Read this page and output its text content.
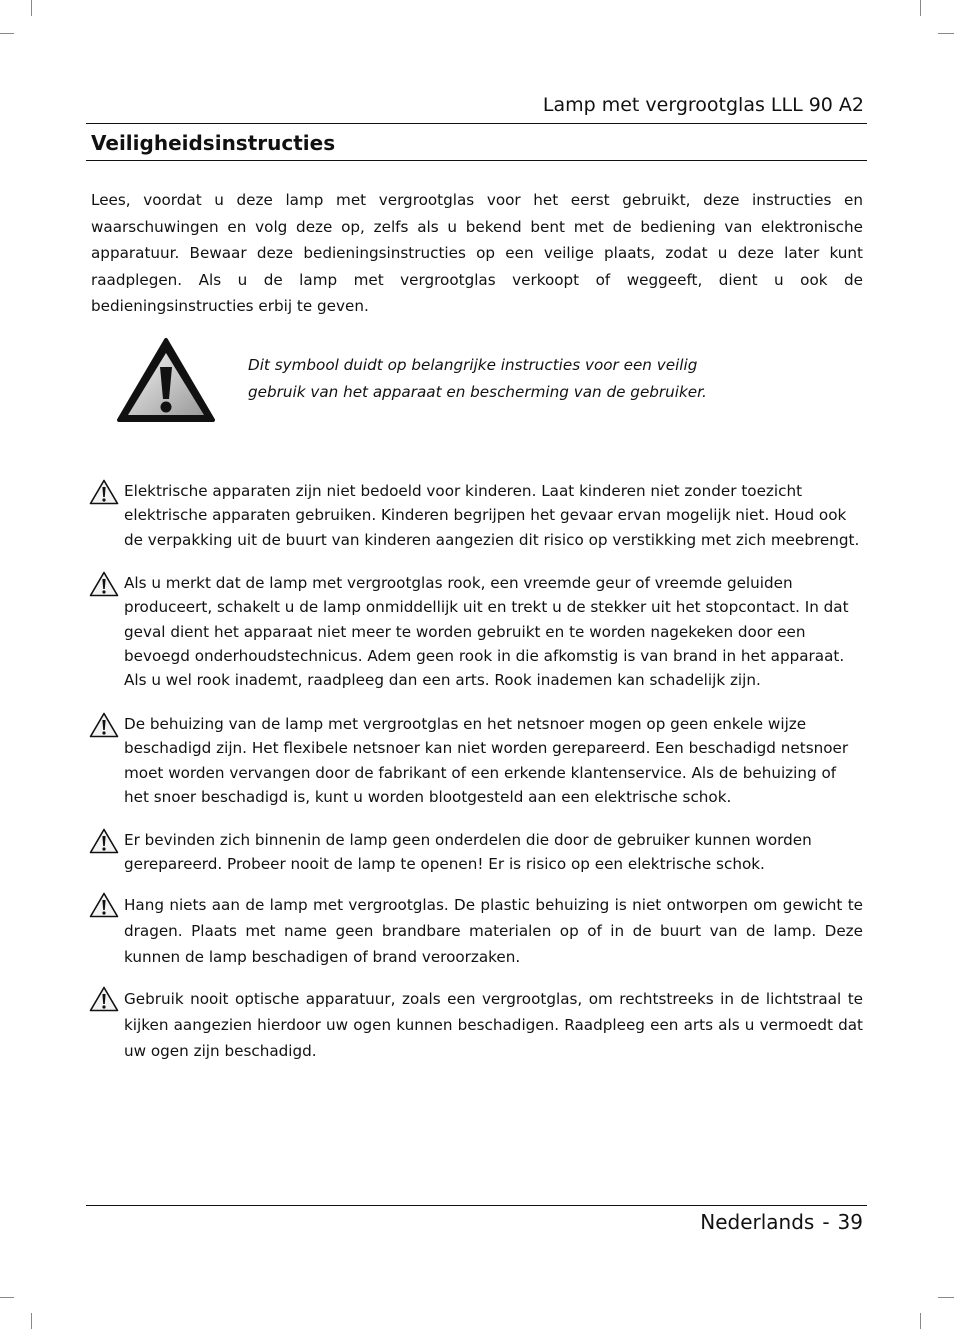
Lamp met vergrootglas LLL 90 A2
Veiligheidsinstructies

Lees, voordat u deze lamp met vergrootglas voor het eerst gebruikt, deze instructies en waarschuwingen en volg deze op, zelfs als u bekend bent met de bediening van elektronische apparatuur. Bewaar deze bedieningsinstructies op een veilige plaats, zodat u deze later kunt raadplegen. Als u de lamp met vergrootglas verkoopt of weggeeft, dient u ook de bedieningsinstructies erbij te geven.

Dit symbool duidt op belangrijke instructies voor een veilig
gebruik van het apparaat en bescherming van de gebruiker.

Elektrische apparaten zijn niet bedoeld voor kinderen. Laat kinderen niet zonder toezicht elektrische apparaten gebruiken. Kinderen begrijpen het gevaar ervan mogelijk niet. Houd ook de verpakking uit de buurt van kinderen aangezien dit risico op verstikking met zich meebrengt.

Als u merkt dat de lamp met vergrootglas rook, een vreemde geur of vreemde geluiden produceert, schakelt u de lamp onmiddellijk uit en trekt u de stekker uit het stopcontact. In dat geval dient het apparaat niet meer te worden gebruikt en te worden nagekeken door een bevoegd onderhoudstechnicus. Adem geen rook in die afkomstig is van brand in het apparaat. Als u wel rook inademt, raadpleeg dan een arts. Rook inademen kan schadelijk zijn.

De behuizing van de lamp met vergrootglas en het netsnoer mogen op geen enkele wijze beschadigd zijn. Het flexibele netsnoer kan niet worden gerepareerd. Een beschadigd netsnoer moet worden vervangen door de fabrikant of een erkende klantenservice. Als de behuizing of het snoer beschadigd is, kunt u worden blootgesteld aan een elektrische schok.

Er bevinden zich binnenin de lamp geen onderdelen die door de gebruiker kunnen worden gerepareerd. Probeer nooit de lamp te openen! Er is risico op een elektrische schok.

Hang niets aan de lamp met vergrootglas. De plastic behuizing is niet ontworpen om gewicht te dragen. Plaats met name geen brandbare materialen op of in de buurt van de lamp. Deze kunnen de lamp beschadigen of brand veroorzaken.

Gebruik nooit optische apparatuur, zoals een vergrootglas, om rechtstreeks in de lichtstraal te kijken aangezien hierdoor uw ogen kunnen beschadigen. Raadpleeg een arts als u vermoedt dat uw ogen zijn beschadigd.

Nederlands - 39
